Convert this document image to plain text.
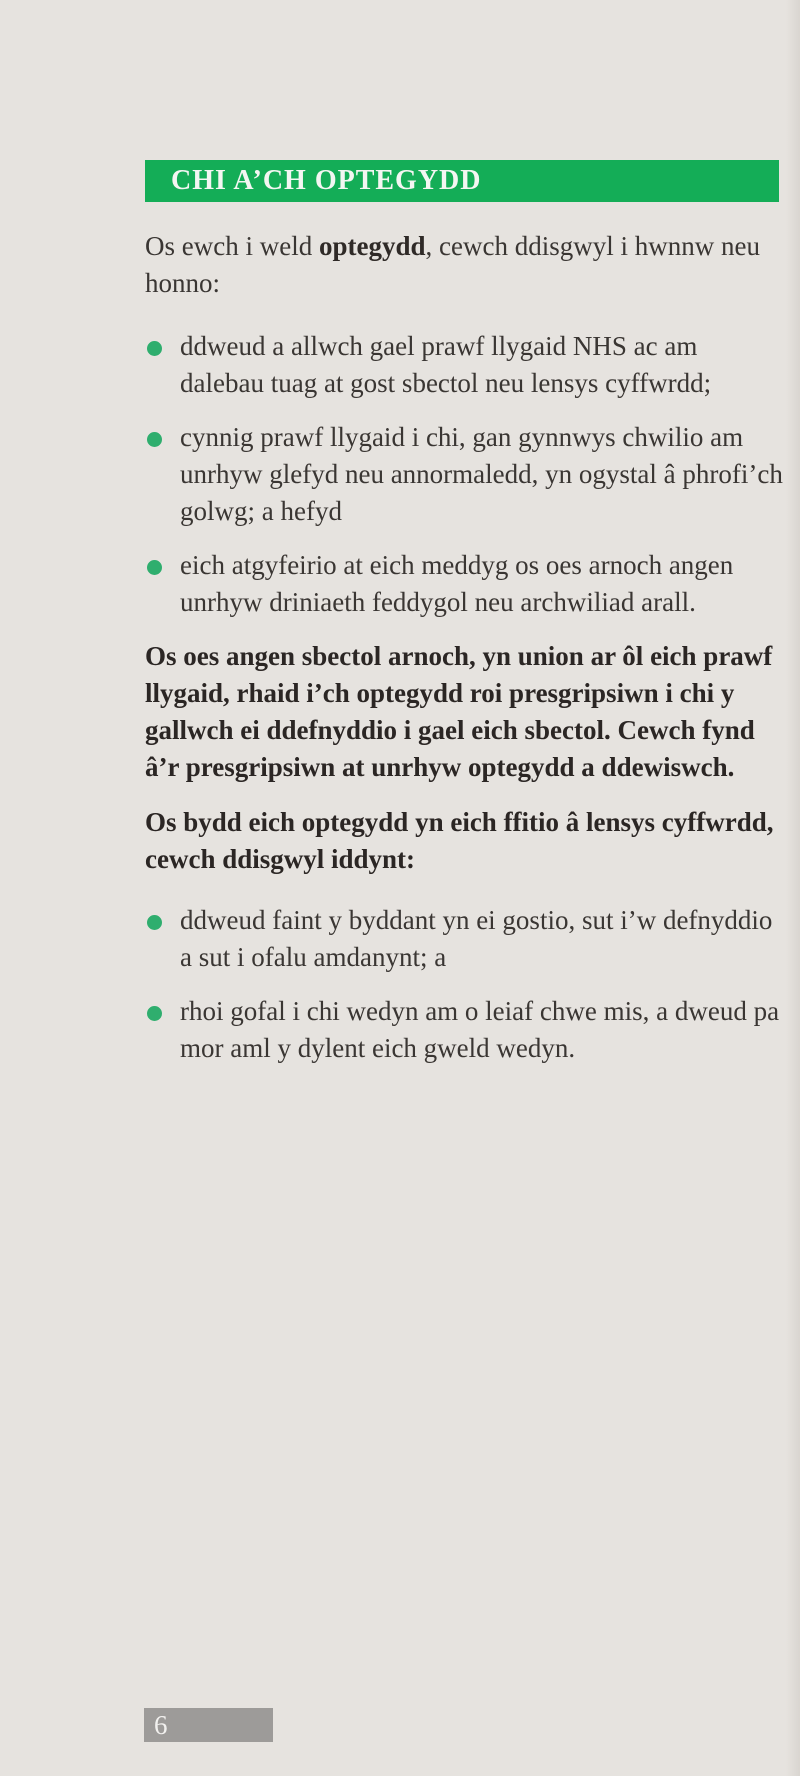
CHI A’CH OPTEGYDD

Os ewch i weld optegydd, cewch ddisgwyl i hwnnw neu honno:

ddweud a allwch gael prawf llygaid NHS ac am dalebau tuag at gost sbectol neu lensys cyffwrdd;
cynnig prawf llygaid i chi, gan gynnwys chwilio am unrhyw glefyd neu annormaledd, yn ogystal â phrofi’ch golwg; a hefyd
eich atgyfeirio at eich meddyg os oes arnoch angen unrhyw driniaeth feddygol neu archwiliad arall.

Os oes angen sbectol arnoch, yn union ar ôl eich prawf llygaid, rhaid i’ch optegydd roi presgripsiwn i chi y gallwch ei ddefnyddio i gael eich sbectol. Cewch fynd â’r presgripsiwn at unrhyw optegydd a ddewiswch.

Os bydd eich optegydd yn eich ffitio â lensys cyffwrdd, cewch ddisgwyl iddynt:

ddweud faint y byddant yn ei gostio, sut i’w defnyddio a sut i ofalu amdanynt; a
rhoi gofal i chi wedyn am o leiaf chwe mis, a dweud pa mor aml y dylent eich gweld wedyn.
6
